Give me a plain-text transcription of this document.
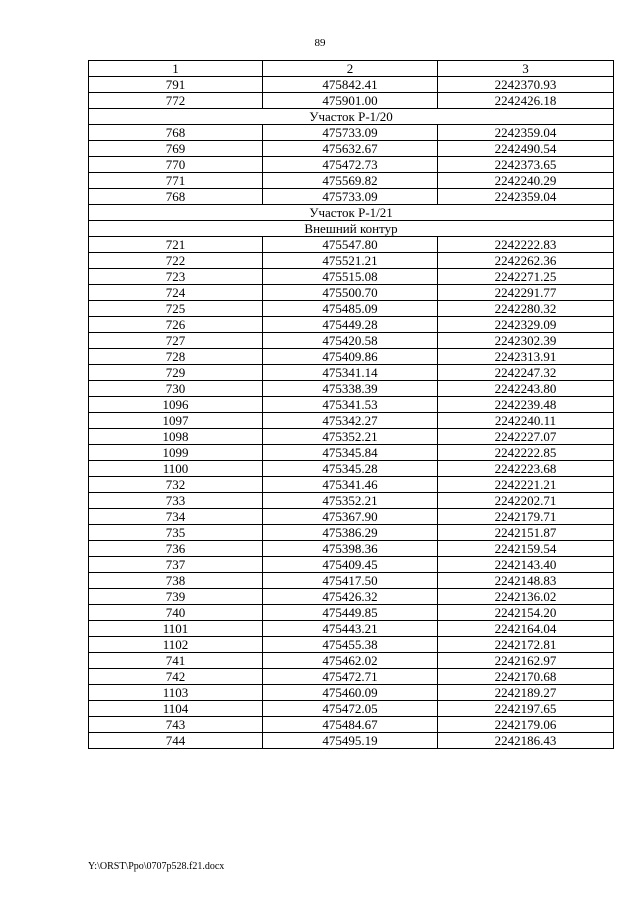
89
1	2	3
791	475842.41	2242370.93
772	475901.00	2242426.18
Участок Р-1/20		
768	475733.09	2242359.04
769	475632.67	2242490.54
770	475472.73	2242373.65
771	475569.82	2242240.29
768	475733.09	2242359.04
Участок Р-1/21		
Внешний контур		
721	475547.80	2242222.83
722	475521.21	2242262.36
723	475515.08	2242271.25
724	475500.70	2242291.77
725	475485.09	2242280.32
726	475449.28	2242329.09
727	475420.58	2242302.39
728	475409.86	2242313.91
729	475341.14	2242247.32
730	475338.39	2242243.80
1096	475341.53	2242239.48
1097	475342.27	2242240.11
1098	475352.21	2242227.07
1099	475345.84	2242222.85
1100	475345.28	2242223.68
732	475341.46	2242221.21
733	475352.21	2242202.71
734	475367.90	2242179.71
735	475386.29	2242151.87
736	475398.36	2242159.54
737	475409.45	2242143.40
738	475417.50	2242148.83
739	475426.32	2242136.02
740	475449.85	2242154.20
1101	475443.21	2242164.04
1102	475455.38	2242172.81
741	475462.02	2242162.97
742	475472.71	2242170.68
1103	475460.09	2242189.27
1104	475472.05	2242197.65
743	475484.67	2242179.06
744	475495.19	2242186.43
Y:\ORST\Ppo\0707p528.f21.docx
